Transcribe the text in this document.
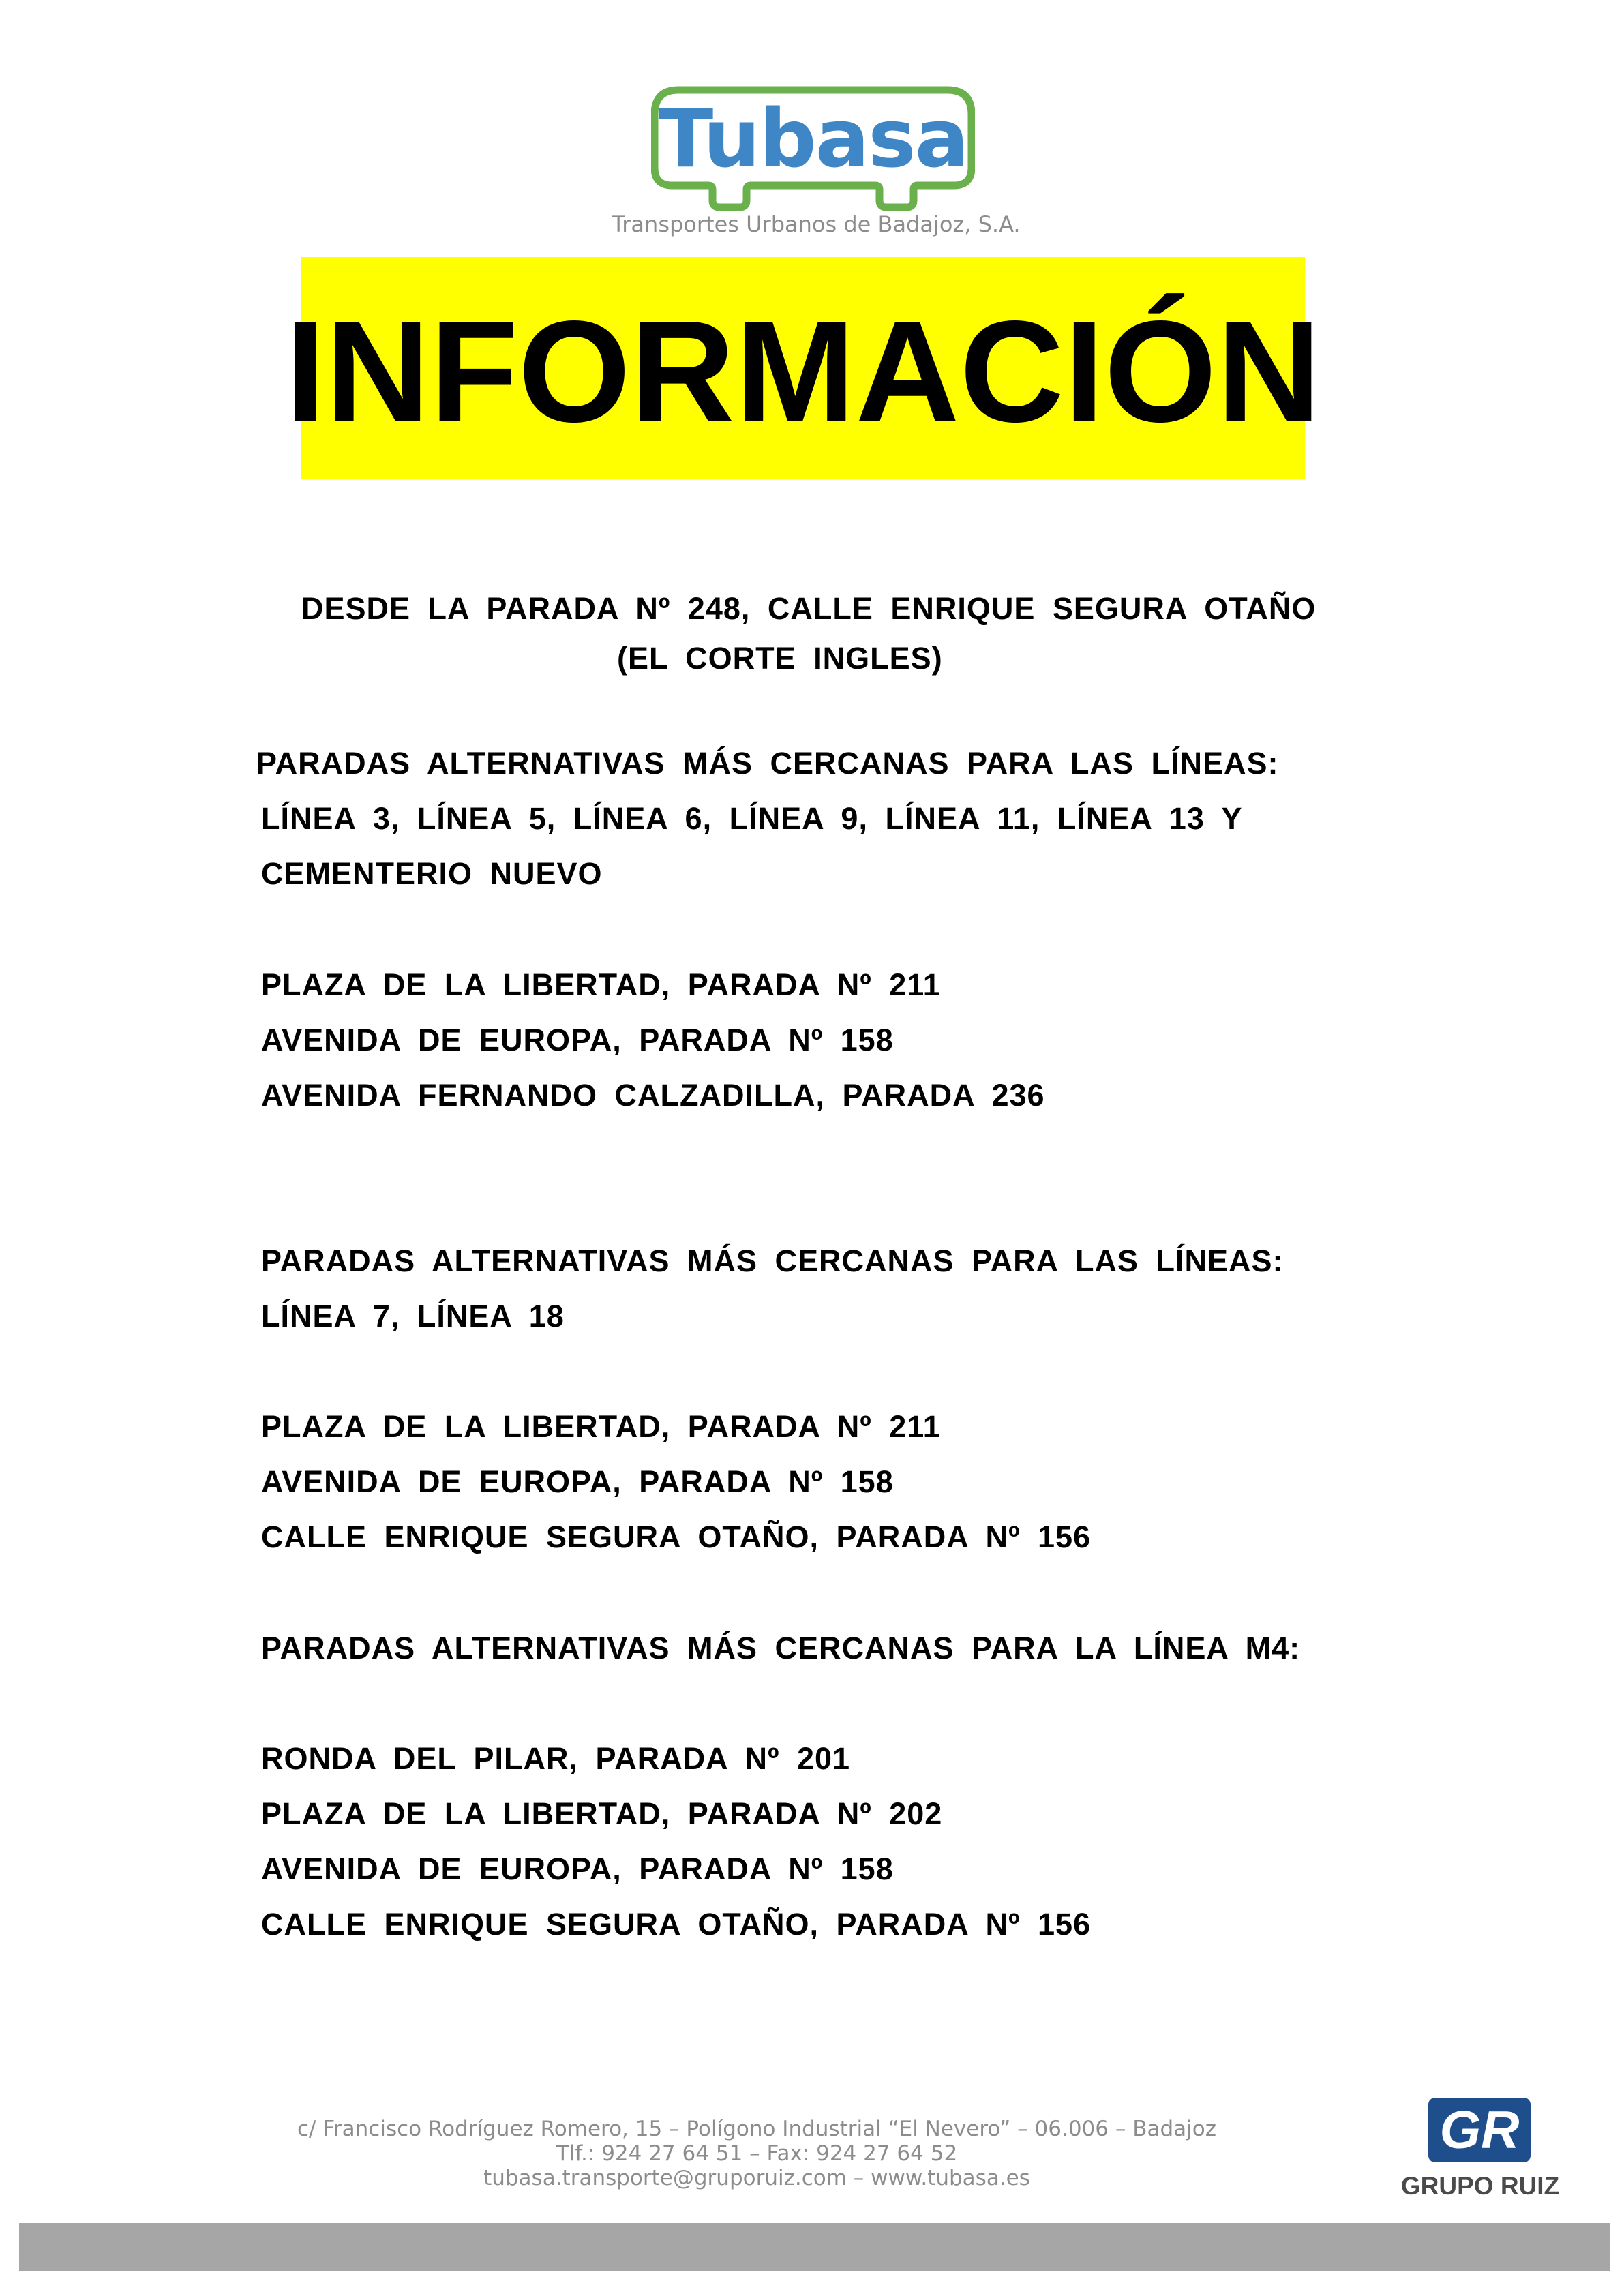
Tubasa
Transportes Urbanos de Badajoz, S.A.
INFORMACIÓN
DESDE LA PARADA Nº 248, CALLE ENRIQUE SEGURA OTAÑO
(EL CORTE INGLES)
PARADAS ALTERNATIVAS MÁS CERCANAS PARA LAS LÍNEAS:
LÍNEA 3, LÍNEA 5, LÍNEA 6, LÍNEA 9, LÍNEA 11, LÍNEA 13 Y
CEMENTERIO NUEVO
PLAZA DE LA LIBERTAD, PARADA Nº 211
AVENIDA DE EUROPA, PARADA Nº 158
AVENIDA FERNANDO CALZADILLA, PARADA 236
PARADAS ALTERNATIVAS MÁS CERCANAS PARA LAS LÍNEAS:
LÍNEA 7, LÍNEA 18
PLAZA DE LA LIBERTAD, PARADA Nº 211
AVENIDA DE EUROPA, PARADA Nº 158
CALLE ENRIQUE SEGURA OTAÑO, PARADA Nº 156
PARADAS ALTERNATIVAS MÁS CERCANAS PARA LA LÍNEA M4:
RONDA DEL PILAR, PARADA Nº 201
PLAZA DE LA LIBERTAD, PARADA Nº 202
AVENIDA DE EUROPA, PARADA Nº 158
CALLE ENRIQUE SEGURA OTAÑO, PARADA Nº 156
c/ Francisco Rodríguez Romero, 15 – Polígono Industrial “El Nevero” – 06.006 – Badajoz
Tlf.: 924 27 64 51 – Fax: 924 27 64 52
tubasa.transporte@gruporuiz.com – www.tubasa.es
GR
GRUPO RUIZ
